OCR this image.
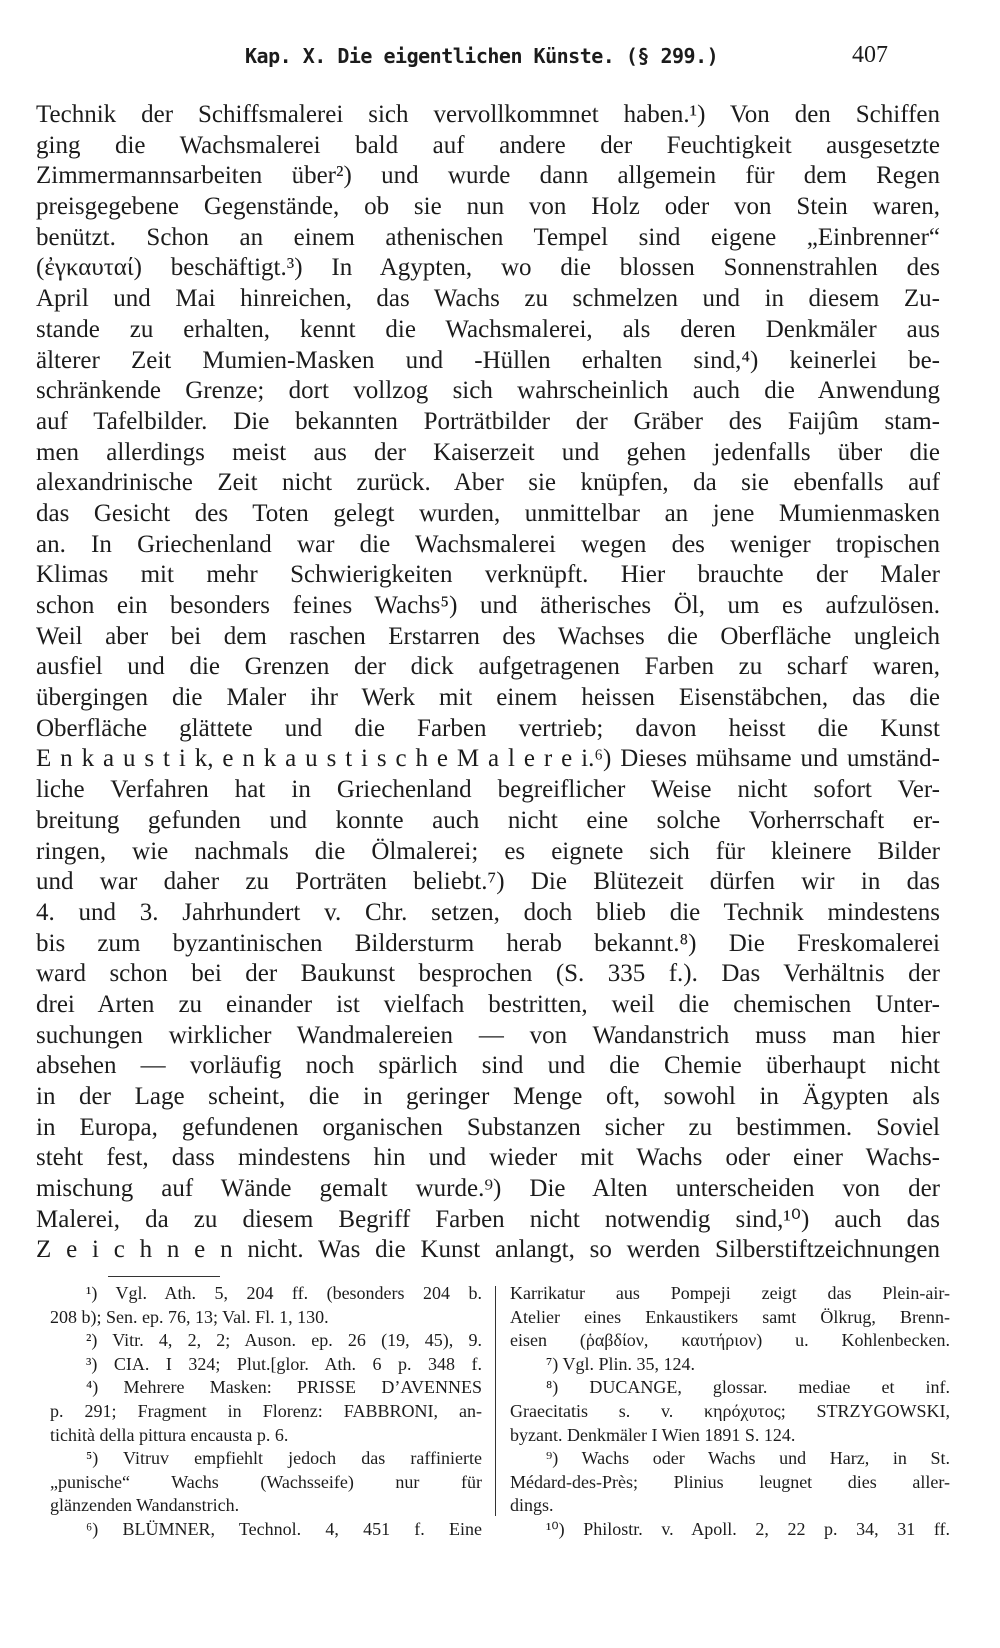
Kap. X. Die eigentlichen Künste. (§ 299.)	407
Technik der Schiffsmalerei sich vervollkommnet haben.¹) Von den Schiffen
ging die Wachsmalerei bald auf andere der Feuchtigkeit ausgesetzte
Zimmermannsarbeiten über²) und wurde dann allgemein für dem Regen
preisgegebene Gegenstände, ob sie nun von Holz oder von Stein waren,
benützt. Schon an einem athenischen Tempel sind eigene „Einbrenner“
(ἐγκαυταί) beschäftigt.³) In Agypten, wo die blossen Sonnenstrahlen des
April und Mai hinreichen, das Wachs zu schmelzen und in diesem Zu-
stande zu erhalten, kennt die Wachsmalerei, als deren Denkmäler aus
älterer Zeit Mumien-Masken und -Hüllen erhalten sind,⁴) keinerlei be-
schränkende Grenze; dort vollzog sich wahrscheinlich auch die Anwendung
auf Tafelbilder. Die bekannten Porträtbilder der Gräber des Faijûm stam-
men allerdings meist aus der Kaiserzeit und gehen jedenfalls über die
alexandrinische Zeit nicht zurück. Aber sie knüpfen, da sie ebenfalls auf
das Gesicht des Toten gelegt wurden, unmittelbar an jene Mumienmasken
an. In Griechenland war die Wachsmalerei wegen des weniger tropischen
Klimas mit mehr Schwierigkeiten verknüpft. Hier brauchte der Maler
schon ein besonders feines Wachs⁵) und ätherisches Öl, um es aufzulösen.
Weil aber bei dem raschen Erstarren des Wachses die Oberfläche ungleich
ausfiel und die Grenzen der dick aufgetragenen Farben zu scharf waren,
übergingen die Maler ihr Werk mit einem heissen Eisenstäbchen, das die
Oberfläche glättete und die Farben vertrieb; davon heisst die Kunst
E n k a u s t i k, e n k a u s t i s c h e M a l e r e i.⁶) Dieses mühsame und umständ-
liche Verfahren hat in Griechenland begreiflicher Weise nicht sofort Ver-
breitung gefunden und konnte auch nicht eine solche Vorherrschaft er-
ringen, wie nachmals die Ölmalerei; es eignete sich für kleinere Bilder
und war daher zu Porträten beliebt.⁷) Die Blütezeit dürfen wir in das
4. und 3. Jahrhundert v. Chr. setzen, doch blieb die Technik mindestens
bis zum byzantinischen Bildersturm herab bekannt.⁸) Die Freskomalerei
ward schon bei der Baukunst besprochen (S. 335 f.). Das Verhältnis der
drei Arten zu einander ist vielfach bestritten, weil die chemischen Unter-
suchungen wirklicher Wandmalereien — von Wandanstrich muss man hier
absehen — vorläufig noch spärlich sind und die Chemie überhaupt nicht
in der Lage scheint, die in geringer Menge oft, sowohl in Ägypten als
in Europa, gefundenen organischen Substanzen sicher zu bestimmen. Soviel
steht fest, dass mindestens hin und wieder mit Wachs oder einer Wachs-
mischung auf Wände gemalt wurde.⁹) Die Alten unterscheiden von der
Malerei, da zu diesem Begriff Farben nicht notwendig sind,¹⁰) auch das
Z e i c h n e n nicht. Was die Kunst anlangt, so werden Silberstiftzeichnungen
¹) Vgl. Ath. 5, 204 ff. (besonders 204 b.
208 b); Sen. ep. 76, 13; Val. Fl. 1, 130.
²) Vitr. 4, 2, 2; Auson. ep. 26 (19, 45), 9.
³) CIA. I 324; Plut.[glor. Ath. 6 p. 348 f.
⁴) Mehrere Masken: PRISSE D’AVENNES
p. 291; Fragment in Florenz: FABBRONI, an-
tichità della pittura encausta p. 6.
⁵) Vitruv empfiehlt jedoch das raffinierte
„punische“ Wachs (Wachsseife) nur für
glänzenden Wandanstrich.
⁶) BLÜMNER, Technol. 4, 451 f. Eine
Karrikatur aus Pompeji zeigt das Plein-air-
Atelier eines Enkaustikers samt Ölkrug, Brenn-
eisen (ῥαβδίον, καυτήριον) u. Kohlenbecken.
⁷) Vgl. Plin. 35, 124.
⁸) DUCANGE, glossar. mediae et inf.
Graecitatis s. v. κηρόχυτος; STRZYGOWSKI,
byzant. Denkmäler I Wien 1891 S. 124.
⁹) Wachs oder Wachs und Harz, in St.
Médard-des-Près; Plinius leugnet dies aller-
dings.
¹⁰) Philostr. v. Apoll. 2, 22 p. 34, 31 ff.
